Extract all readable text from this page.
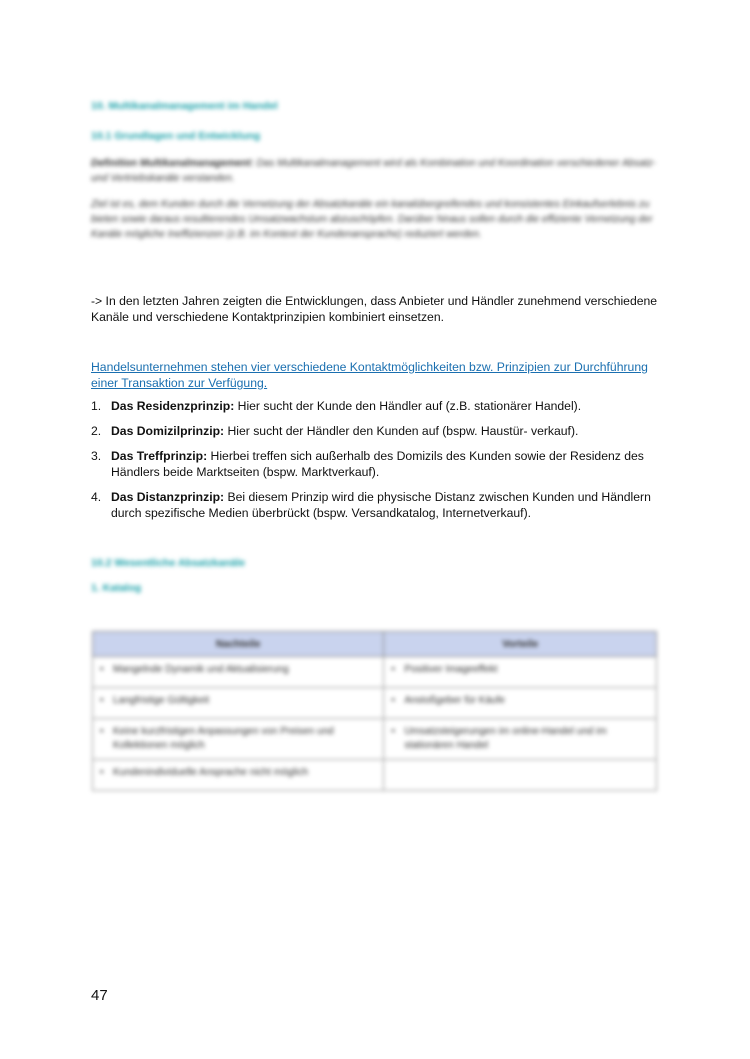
10. Multikanalmanagement im Handel
10.1 Grundlagen und Entwicklung
Definition Multikanalmanagement: Das Multikanalmanagement wird als Kombination und Koordination verschiedener Absatz- und Vertriebskanäle verstanden.
Ziel ist es, dem Kunden durch die Vernetzung der Absatzkanäle ein kanalübergreifendes und konsistentes Einkaufserlebnis zu bieten sowie daraus resultierendes Umsatzwachstum abzuschöpfen. Darüber hinaus sollen durch die effiziente Vernetzung der Kanäle mögliche Ineffizienzen (z.B. im Kontext der Kundenansprache) reduziert werden.
-> In den letzten Jahren zeigten die Entwicklungen, dass Anbieter und Händler zunehmend verschiedene Kanäle und verschiedene Kontaktprinzipien kombiniert einsetzen.
Handelsunternehmen stehen vier verschiedene Kontaktmöglichkeiten bzw. Prinzipien zur Durchführung einer Transaktion zur Verfügung.
1. Das Residenzprinzip: Hier sucht der Kunde den Händler auf (z.B. stationärer Handel).
2. Das Domizilprinzip: Hier sucht der Händler den Kunden auf (bspw. Haustür- verkauf).
3. Das Treffprinzip: Hierbei treffen sich außerhalb des Domizils des Kunden sowie der Residenz des Händlers beide Marktseiten (bspw. Marktverkauf).
4. Das Distanzprinzip: Bei diesem Prinzip wird die physische Distanz zwischen Kunden und Händlern durch spezifische Medien überbrückt (bspw. Versandkatalog, Internetverkauf).
10.2 Wesentliche Absatzkanäle
1. Katalog
Nachteile	Vorteile

• Mangelnde Dynamik und Aktualisierung	• Positiver Imageeffekt

• Langfristige Gültigkeit	• Anstoßgeber für Käufe

• Keine kurzfristigen Anpassungen von Preisen und Kollektionen möglich	• Umsatzsteigerungen im online-Handel und im stationären Handel

• Kundenindividuelle Ansprache nicht möglich	
47
